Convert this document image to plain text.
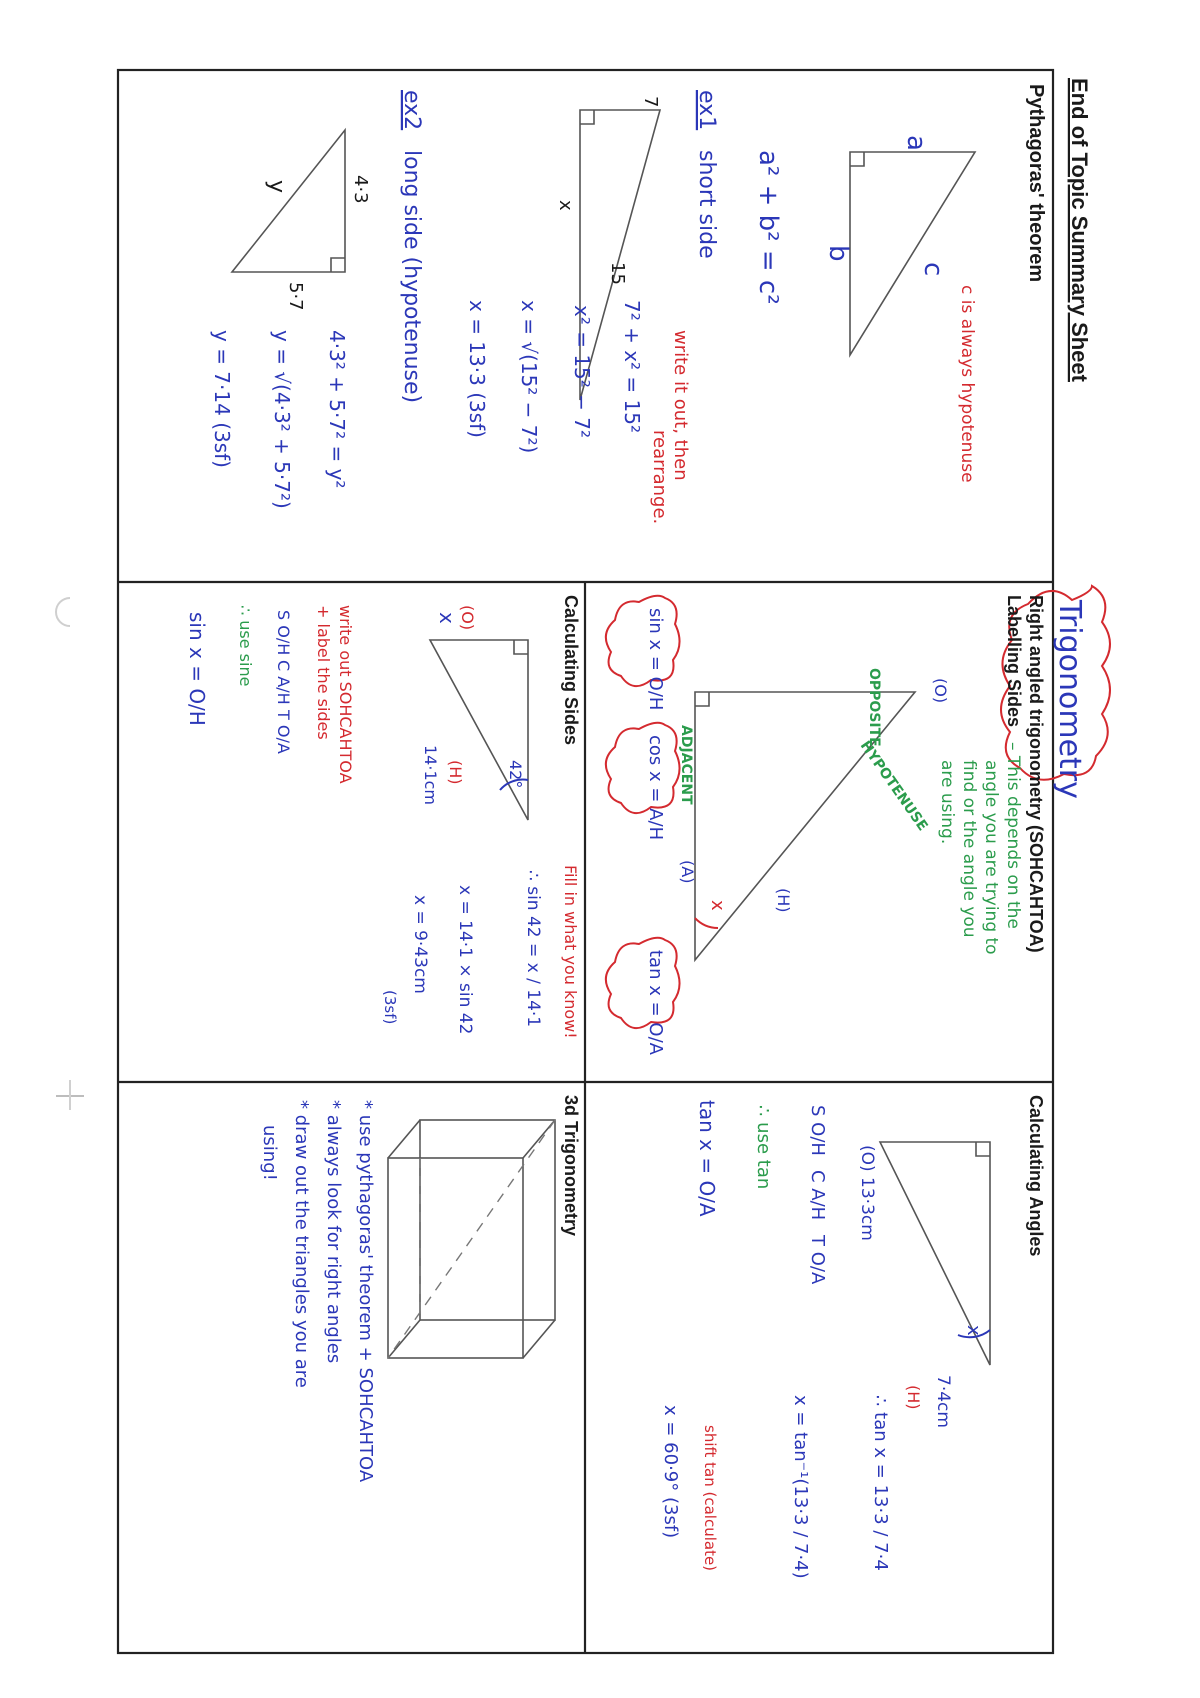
End of Topic Summary Sheet
Trigonometry
Pythagoras' theorem
a
b
c
c is always hypotenuse
a² + b² = c²
ex1
short side
7
15
x
write it out, then
rearrange.
7² + x² = 15²
x² = 15² − 7²
x = √(15² − 7²)
x = 13·3 (3sf)
ex2
long side (hypotenuse)
4·3
5·7
y
4·3² + 5·7² = y²
y = √(4·3² + 5·7²)
y = 7·14 (3sf)
Right angled trigonometry (SOHCAHTOA)
Labelling Sides
– This depends on the
angle you are trying to
find or the angle you
are using.
(O)
OPPOSITE
HYPOTENUSE
(H)
ADJACENT
(A)
x
sin x = O/H
cos x = A/H
tan x = O/A
Calculating Angles
x
(O) 13·3cm
7·4cm
(H)
S O/H
C A/H
T O/A
∴ use tan
tan x = O/A
∴ tan x = 13·3 / 7·4
x = tan⁻¹(13·3 / 7·4)
shift tan (calculate)
x = 60·9° (3sf)
Calculating Sides
42°
(O)
x
(H)
14·1cm
write out SOHCAHTOA
+ label the sides
S O/H
C A/H
T O/A
∴ use sine
sin x = O/H
Fill in what you know!
∴ sin 42 = x / 14·1
x = 14·1 × sin 42
x = 9·43cm
(3sf)
3d Trigonometry
* use pythagoras' theorem + SOHCAHTOA
* always look for right angles
* draw out the triangles you are
using!
